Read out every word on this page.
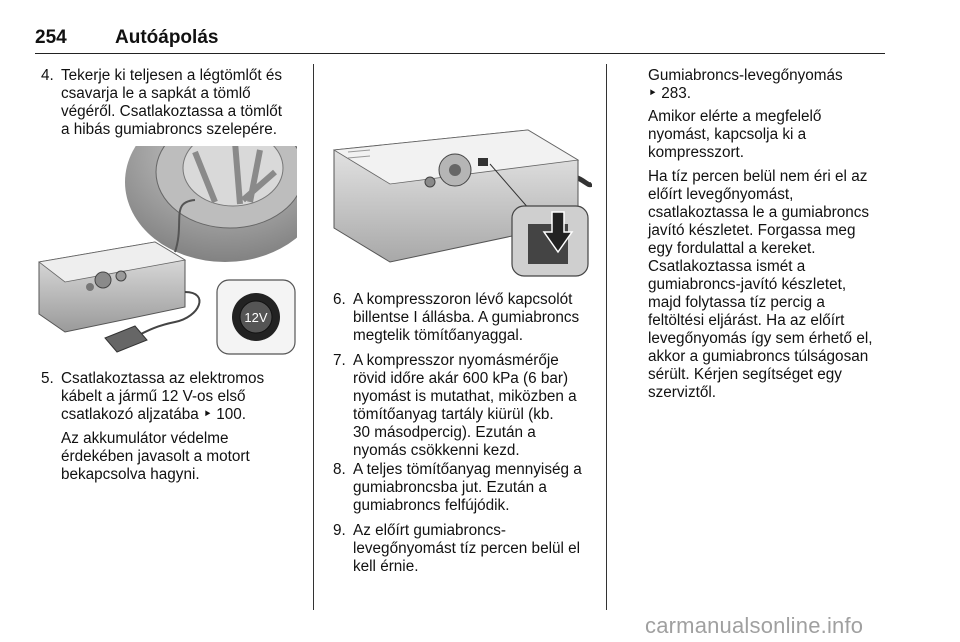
254	Autóápolás
4. Tekerje ki teljesen a légtömlőt és
csavarja le a sapkát a tömlő
végéről. Csatlakoztassa a tömlőt
a hibás gumiabroncs szelepére.
12V
5. Csatlakoztassa az elektromos
kábelt a jármű 12 V-os első
csatlakozó aljzatába ‣ 100.
Az akkumulátor védelme
érdekében javasolt a motort
bekapcsolva hagyni.
6. A kompresszoron lévő kapcsolót
billentse I állásba. A gumiabroncs
megtelik tömítőanyaggal.
7. A kompresszor nyomásmérője
rövid időre akár 600 kPa (6 bar)
nyomást is mutathat, miközben a
tömítőanyag tartály kiürül (kb.
30 másodpercig). Ezután a
nyomás csökkenni kezd.
8. A teljes tömítőanyag mennyiség a
gumiabroncsba jut. Ezután a
gumiabroncs felfújódik.
9. Az előírt gumiabroncs-
levegőnyomást tíz percen belül el
kell érnie.
Gumiabroncs-levegőnyomás
‣ 283.
Amikor elérte a megfelelő
nyomást, kapcsolja ki a
kompresszort.
Ha tíz percen belül nem éri el az
előírt levegőnyomást,
csatlakoztassa le a gumiabroncs
javító készletet. Forgassa meg
egy fordulattal a kereket.
Csatlakoztassa ismét a
gumiabroncs-javító készletet,
majd folytassa tíz percig a
feltöltési eljárást. Ha az előírt
levegőnyomás így sem érhető el,
akkor a gumiabroncs túlságosan
sérült. Kérjen segítséget egy
szerviztől.
carmanualsonline.info
